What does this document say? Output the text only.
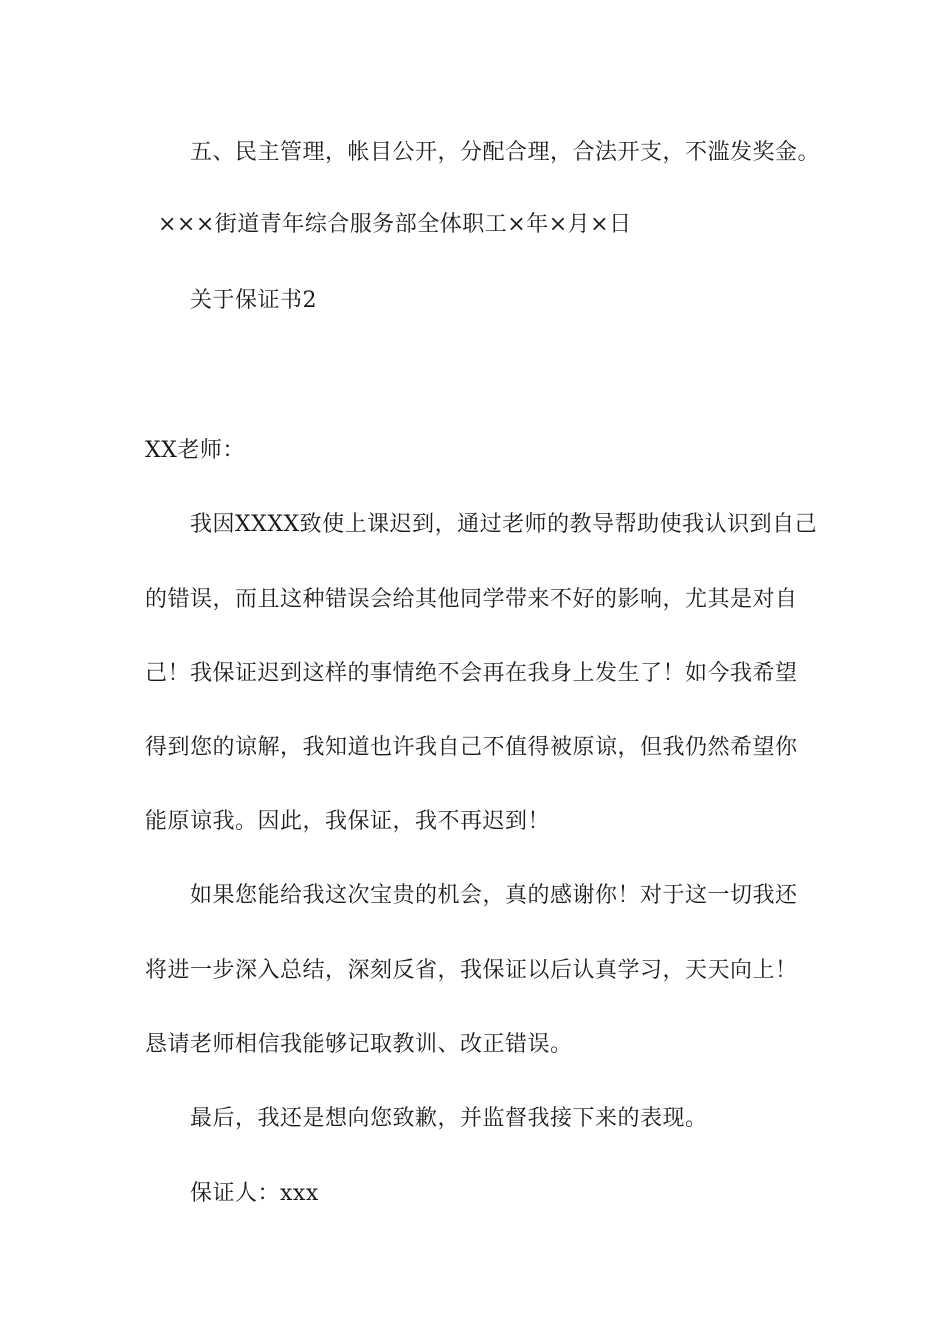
五、民主管理，帐目公开，分配合理，合法开支，不滥发奖金。
×××街道青年综合服务部全体职工×年×月×日
关于保证书2
XX老师：
我因XXXX致使上课迟到，通过老师的教导帮助使我认识到自己
的错误，而且这种错误会给其他同学带来不好的影响，尤其是对自
己！我保证迟到这样的事情绝不会再在我身上发生了！如今我希望
得到您的谅解，我知道也许我自己不值得被原谅，但我仍然希望你
能原谅我。因此，我保证，我不再迟到！
如果您能给我这次宝贵的机会，真的感谢你！对于这一切我还
将进一步深入总结，深刻反省，我保证以后认真学习，天天向上！
恳请老师相信我能够记取教训、改正错误。
最后，我还是想向您致歉，并监督我接下来的表现。
保证人：xxx
